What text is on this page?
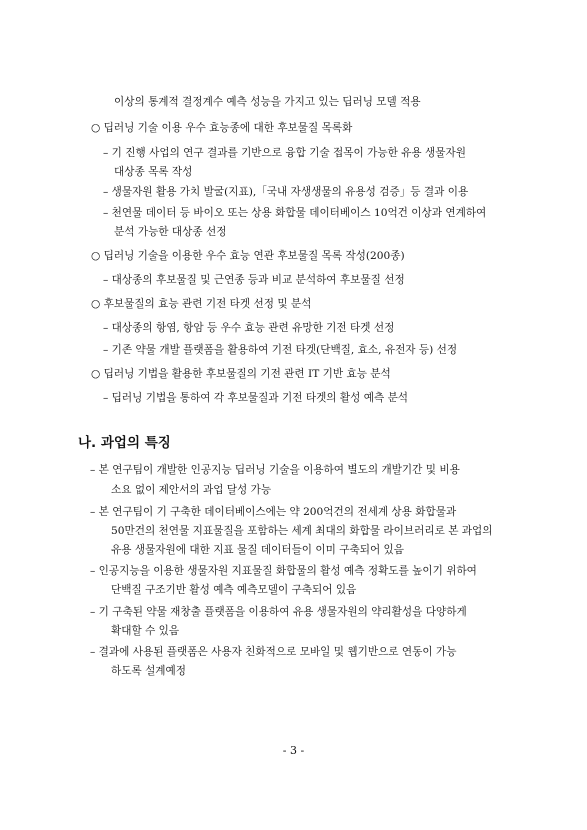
이상의 통계적 결정계수 예측 성능을 가지고 있는 딥러닝 모델 적용
○ 딥러닝 기술 이용 우수 효능종에 대한 후보물질 목록화
– 기 진행 사업의 연구 결과를 기반으로 융합 기술 접목이 가능한 유용 생물자원
대상종 목록 작성
– 생물자원 활용 가치 발굴(지표),「국내 자생생물의 유용성 검증」등 결과 이용
– 천연물 데이터 등 바이오 또는 상용 화합물 데이터베이스 10억건 이상과 연계하여
분석 가능한 대상종 선정
○ 딥러닝 기술을 이용한 우수 효능 연관 후보물질 목록 작성(200종)
– 대상종의 후보물질 및 근연종 등과 비교 분석하여 후보물질 선정
○ 후보물질의 효능 관련 기전 타겟 선정 및 분석
– 대상종의 항염, 항암 등 우수 효능 관련 유망한 기전 타겟 선정
– 기존 약물 개발 플랫폼을 활용하여 기전 타겟(단백질, 효소, 유전자 등) 선정
○ 딥러닝 기법을 활용한 후보물질의 기전 관련 IT 기반 효능 분석
– 딥러닝 기법을 통하여 각 후보물질과 기전 타겟의 활성 예측 분석
나. 과업의 특징
– 본 연구팀이 개발한 인공지능 딥러닝 기술을 이용하여 별도의 개발기간 및 비용
소요 없이 제안서의 과업 달성 가능
– 본 연구팀이 기 구축한 데이터베이스에는 약 200억건의 전세계 상용 화합물과
50만건의 천연물 지표물질을 포함하는 세계 최대의 화합물 라이브러리로 본 과업의
유용 생물자원에 대한 지표 물질 데이터들이 이미 구축되어 있음
– 인공지능을 이용한 생물자원 지표물질 화합물의 활성 예측 정확도를 높이기 위하여
단백질 구조기반 활성 예측 예측모델이 구축되어 있음
– 기 구축된 약물 재창출 플랫폼을 이용하여 유용 생물자원의 약리활성을 다양하게
확대할 수 있음
– 결과에 사용된 플랫폼은 사용자 친화적으로 모바일 및 웹기반으로 연동이 가능
하도록 설계예정
- 3 -
